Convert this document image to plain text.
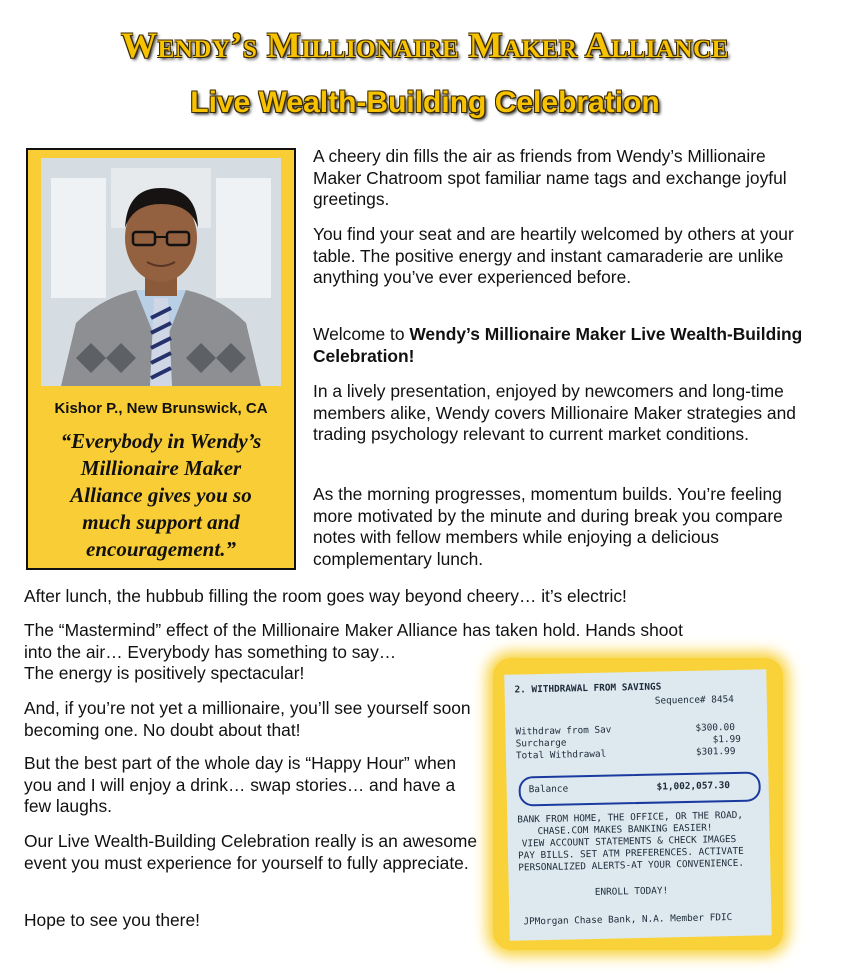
Wendy’s Millionaire Maker Alliance
Live Wealth-Building Celebration
Kishor P., New Brunswick, CA
“Everybody in Wendy’s Millionaire Maker Alliance gives you so much support and encouragement.”

A cheery din fills the air as friends from Wendy’s Millionaire Maker Chatroom spot familiar name tags and exchange joyful greetings.

You find your seat and are heartily welcomed by others at your table. The positive energy and instant camaraderie are unlike anything you’ve ever experienced before.

Welcome to Wendy’s Millionaire Maker Live Wealth-Building Celebration!

In a lively presentation, enjoyed by newcomers and long-time members alike, Wendy covers Millionaire Maker strategies and trading psychology relevant to current market conditions.

As the morning progresses, momentum builds. You’re feeling more motivated by the minute and during break you compare notes with fellow members while enjoying a delicious complementary lunch.

After lunch, the hubbub filling the room goes way beyond cheery… it’s electric!

The “Mastermind” effect of the Millionaire Maker Alliance has taken hold. Hands shoot
into the air… Everybody has something to say…
The energy is positively spectacular!

And, if you’re not yet a millionaire, you’ll see yourself soon becoming one. No doubt about that!

But the best part of the whole day is “Happy Hour” when you and I will enjoy a drink… swap stories… and have a few laughs.

Our Live Wealth-Building Celebration really is an awesome event you must experience for yourself to fully appreciate.

Hope to see you there!

2. WITHDRAWAL FROM SAVINGS
Sequence# 8454
Withdraw from Sav	$300.00
Surcharge	$1.99
Total Withdrawal	$301.99
Balance	$1,002,057.30
BANK FROM HOME, THE OFFICE, OR THE ROAD,
CHASE.COM MAKES BANKING EASIER!
VIEW ACCOUNT STATEMENTS & CHECK IMAGES
PAY BILLS. SET ATM PREFERENCES. ACTIVATE
PERSONALIZED ALERTS-AT YOUR CONVENIENCE.
ENROLL TODAY!
JPMorgan Chase Bank, N.A. Member FDIC
